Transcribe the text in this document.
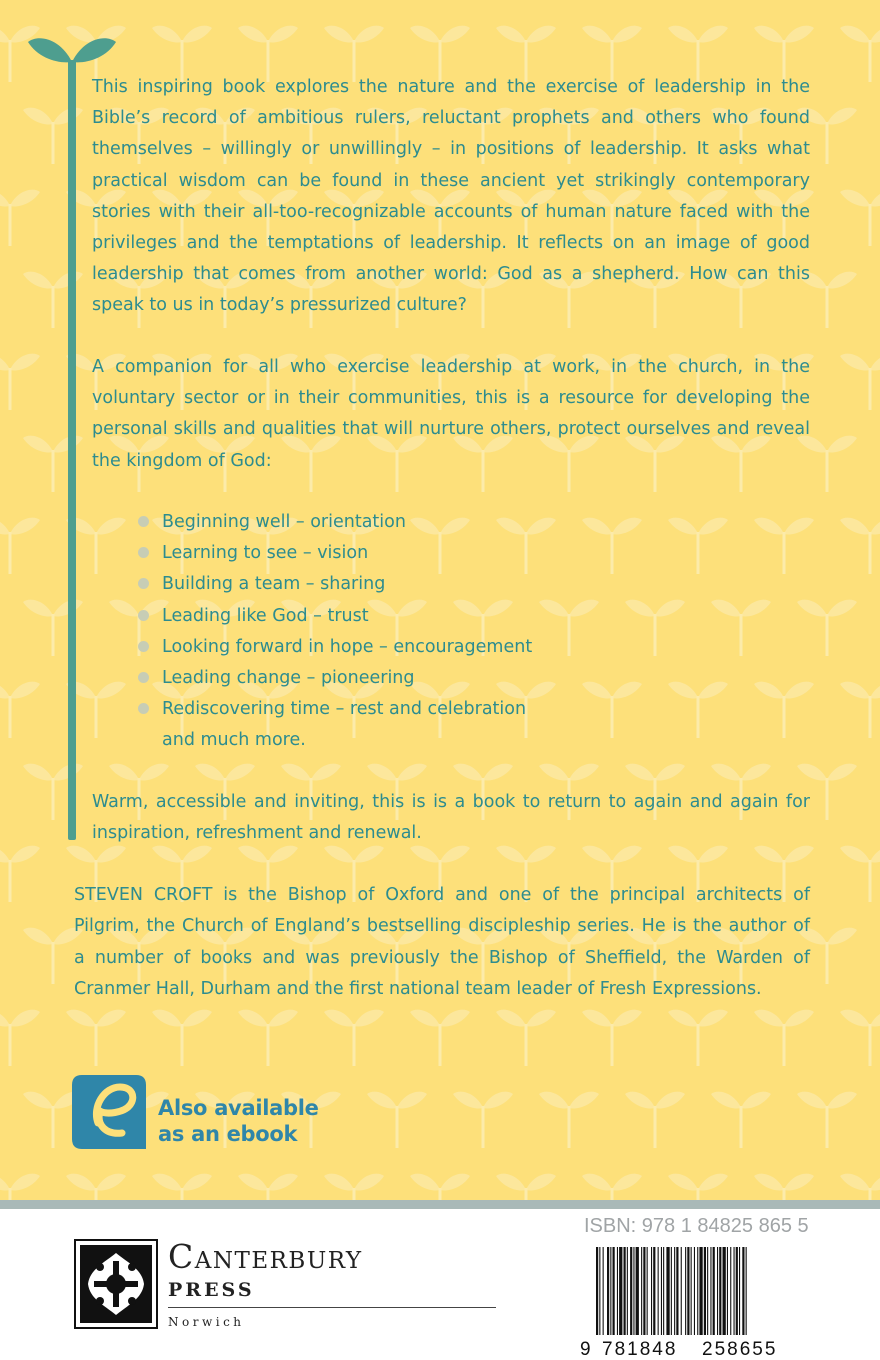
This inspiring book explores the nature and the exercise of leadership in the Bible’s record of ambitious rulers, reluctant prophets and others who found themselves – willingly or unwillingly – in positions of leadership. It asks what practical wisdom can be found in these ancient yet strikingly contemporary stories with their all-too-recognizable accounts of human nature faced with the privileges and the temptations of leadership. It reflects on an image of good leadership that comes from another world: God as a shepherd. How can this speak to us in today’s pressurized culture?

A companion for all who exercise leadership at work, in the church, in the voluntary sector or in their communities, this is a resource for developing the personal skills and qualities that will nurture others, protect ourselves and reveal the kingdom of God:

Beginning well – orientation
Learning to see – vision
Building a team – sharing
Leading like God – trust
Looking forward in hope – encouragement
Leading change – pioneering
Rediscovering time – rest and celebration
and much more.

Warm, accessible and inviting, this is is a book to return to again and again for inspiration, refreshment and renewal.

STEVEN CROFT is the Bishop of Oxford and one of the principal architects of Pilgrim, the Church of England’s bestselling discipleship series. He is the author of a number of books and was previously the Bishop of Sheffield, the Warden of Cranmer Hall, Durham and the first national team leader of Fresh Expressions.

Also available
as an ebook
Canterbury
PRESS
Norwich
ISBN: 978 1 84825 865 5
9 781848 258655
